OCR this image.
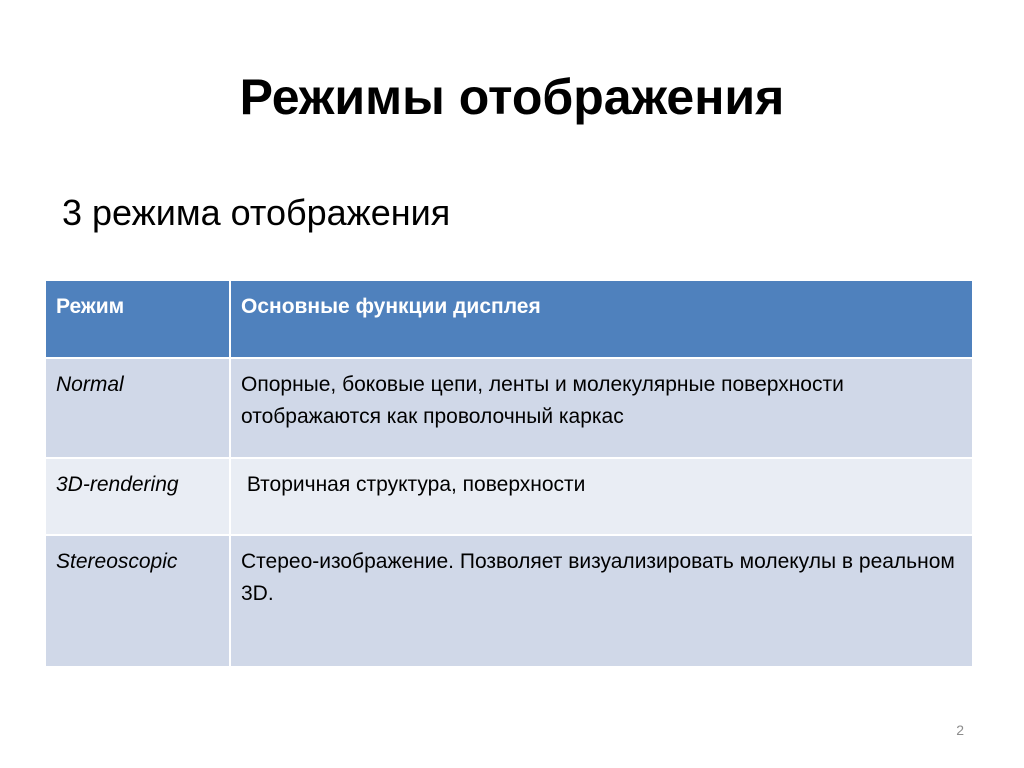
Режимы отображения

3 режима отображения

Режим	Основные функции дисплея
Normal	Опорные, боковые цепи, ленты и молекулярные поверхности отображаются как проволочный каркас
3D-rendering	Вторичная структура, поверхности
Stereoscopic	Стерео-изображение. Позволяет визуализировать молекулы в реальном 3D.
2
